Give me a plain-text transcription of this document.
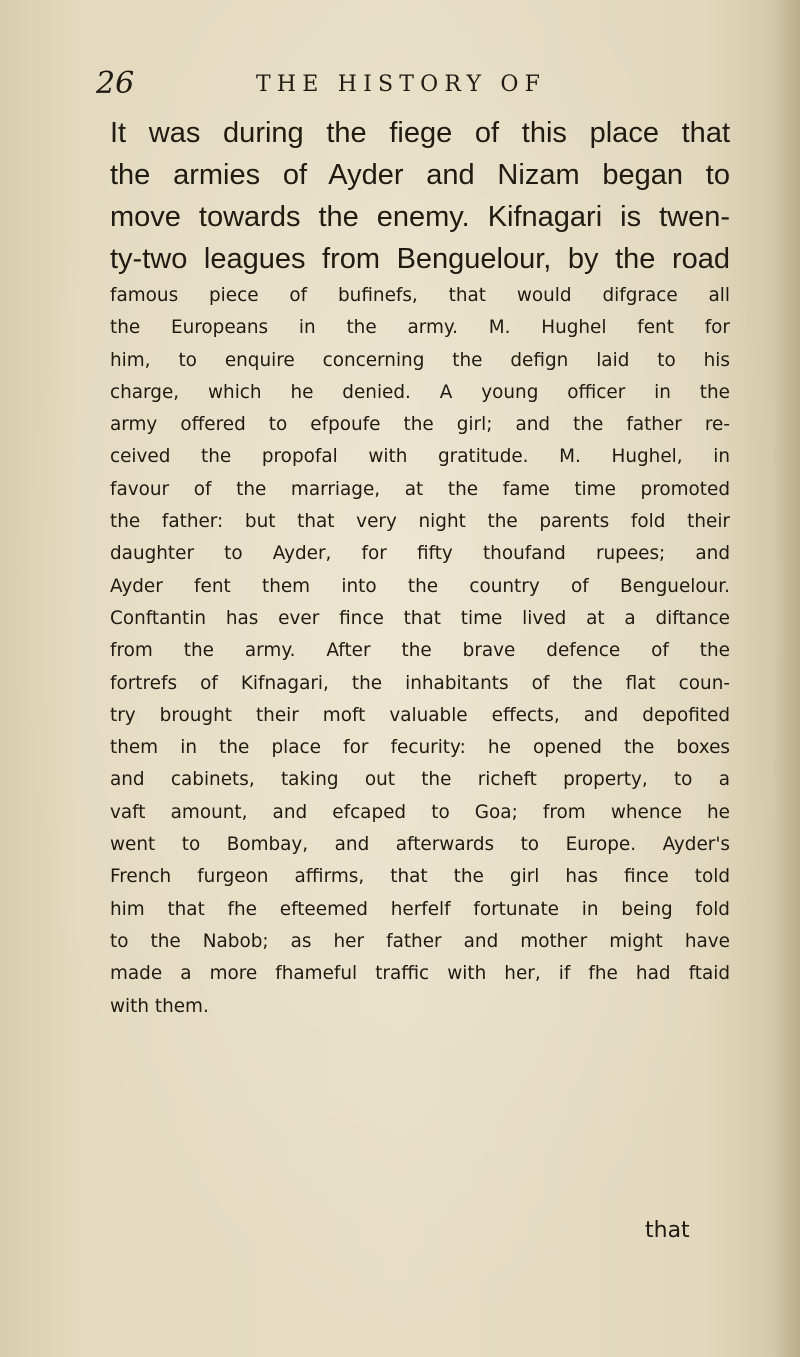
26	THE HISTORY OF
It was during the fiege of this place that
the armies of Ayder and Nizam began to
move towards the enemy. Kifnagari is twen-
ty-two leagues from Benguelour, by the road
famous piece of bufinefs, that would difgrace all
the Europeans in the army. M. Hughel fent for
him, to enquire concerning the defign laid to his
charge, which he denied. A young officer in the
army offered to efpoufe the girl; and the father re-
ceived the propofal with gratitude. M. Hughel, in
favour of the marriage, at the fame time promoted
the father: but that very night the parents fold their
daughter to Ayder, for fifty thoufand rupees; and
Ayder fent them into the country of Benguelour.
Conftantin has ever fince that time lived at a diftance
from the army. After the brave defence of the
fortrefs of Kifnagari, the inhabitants of the flat coun-
try brought their moft valuable effects, and depofited
them in the place for fecurity: he opened the boxes
and cabinets, taking out the richeft property, to a
vaft amount, and efcaped to Goa; from whence he
went to Bombay, and afterwards to Europe. Ayder's
French furgeon affirms, that the girl has fince told
him that fhe efteemed herfelf fortunate in being fold
to the Nabob; as her father and mother might have
made a more fhameful traffic with her, if fhe had ftaid
with them.
that
